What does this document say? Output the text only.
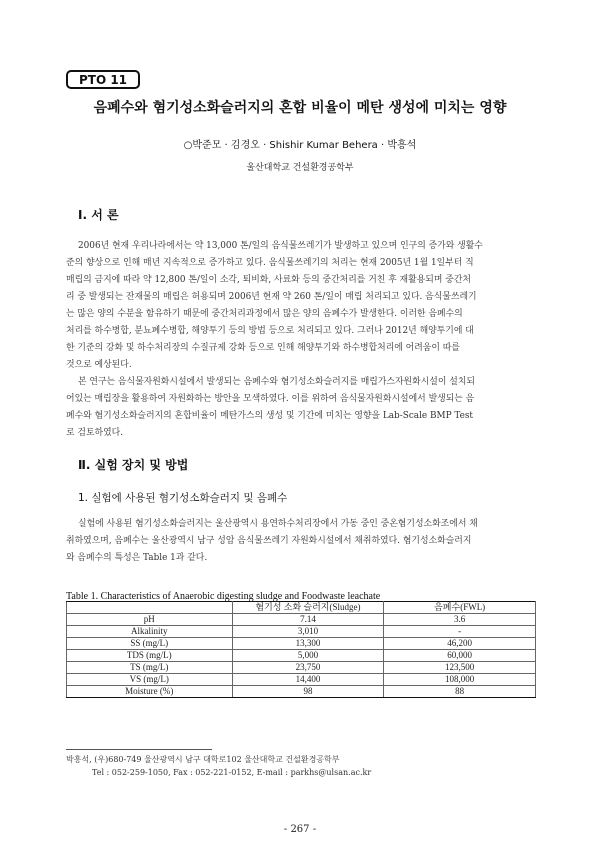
PTO 11
음폐수와 혐기성소화슬러지의 혼합 비율이 메탄 생성에 미치는 영향
○박준모 · 김경오 · Shishir Kumar Behera · 박흥석
울산대학교 건설환경공학부
Ⅰ. 서 론
2006년 현재 우리나라에서는 약 13,000 톤/일의 음식물쓰레기가 발생하고 있으며 인구의 증가와 생활수
준의 향상으로 인해 매년 지속적으로 증가하고 있다. 음식물쓰레기의 처리는 현재 2005년 1월 1일부터 직
매립의 금지에 따라 약 12,800 톤/일이 소각, 퇴비화, 사료화 등의 중간처리를 거친 후 재활용되며 중간처
리 중 발생되는 잔재물의 매립은 허용되며 2006년 현재 약 260 톤/일이 매립 처리되고 있다. 음식물쓰레기
는 많은 양의 수분을 함유하기 때문에 중간처리과정에서 많은 양의 음폐수가 발생한다. 이러한 음폐수의
처리를 하수병합, 분뇨폐수병합, 해양투기 등의 방법 등으로 처리되고 있다. 그러나 2012년 해양투기에 대
한 기준의 강화 및 하수처리장의 수질규제 강화 등으로 인해 해양투기와 하수병합처리에 어려움이 따를
것으로 예상된다.
본 연구는 음식물자원화시설에서 발생되는 음폐수와 혐기성소화슬러지를 매립가스자원화시설이 설치되
어있는 매립장을 활용하여 자원화하는 방안을 모색하였다. 이를 위하여 음식물자원화시설에서 발생되는 음
폐수와 혐기성소화슬러지의 혼합비율이 메탄가스의 생성 및 기간에 미치는 영향을 Lab-Scale BMP Test
로 검토하였다.
Ⅱ. 실험 장치 및 방법
1. 실험에 사용된 혐기성소화슬러지 및 음폐수
실험에 사용된 혐기성소화슬러지는 울산광역시 용연하수처리장에서 가동 중인 중온혐기성소화조에서 채
취하였으며, 음폐수는 울산광역시 남구 성암 음식물쓰레기 자원화시설에서 채취하였다. 혐기성소화슬러지
와 음폐수의 특성은 Table 1과 같다.
Table 1. Characteristics of Anaerobic digesting sludge and Foodwaste leachate
	혐기성 소화 슬러지(Sludge)	음폐수(FWL)
pH	7.14	3.6
Alkalinity	3,010	-
SS (mg/L)	13,300	46,200
TDS (mg/L)	5,000	60,000
TS (mg/L)	23,750	123,500
VS (mg/L)	14,400	108,000
Moisture (%)	98	88
박흥석, (우)680-749 울산광역시 남구 대학로102 울산대학교 건설환경공학부
Tel : 052-259-1050, Fax : 052-221-0152, E-mail : parkhs@ulsan.ac.kr
- 267 -
